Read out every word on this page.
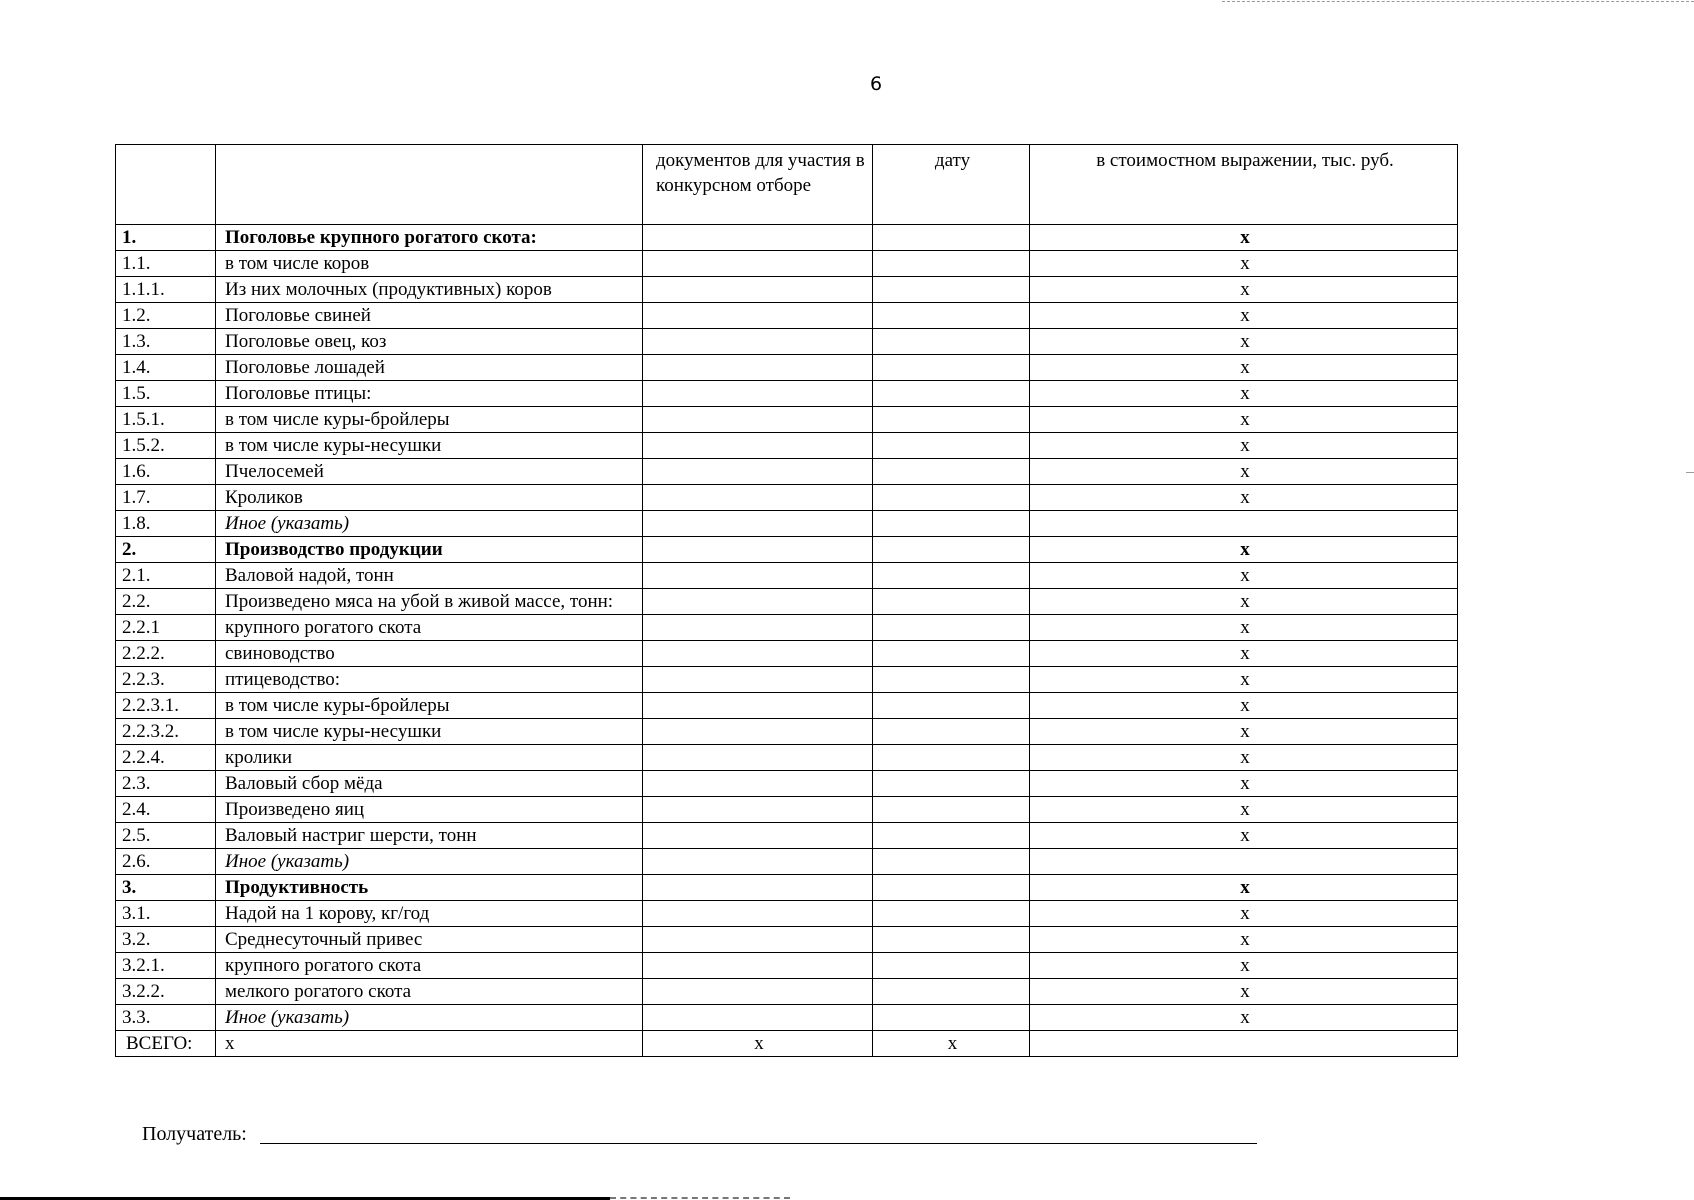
6
		документов для участия в конкурсном отборе	дату	в стоимостном выражении, тыс. руб.
1.	Поголовье крупного рогатого скота:			x
1.1.	в том числе коров			x
1.1.1.	Из них молочных (продуктивных) коров			x
1.2.	Поголовье свиней			x
1.3.	Поголовье овец, коз			x
1.4.	Поголовье лошадей			x
1.5.	Поголовье птицы:			x
1.5.1.	в том числе куры-бройлеры			x
1.5.2.	в том числе куры-несушки			x
1.6.	Пчелосемей			x
1.7.	Кроликов			x
1.8.	Иное (указать)			
2.	Производство продукции			x
2.1.	Валовой надой, тонн			x
2.2.	Произведено мяса на убой в живой массе, тонн:			x
2.2.1	крупного рогатого скота			x
2.2.2.	свиноводство			x
2.2.3.	птицеводство:			x
2.2.3.1.	в том числе куры-бройлеры			x
2.2.3.2.	в том числе куры-несушки			x
2.2.4.	кролики			x
2.3.	Валовый сбор мёда			x
2.4.	Произведено яиц			x
2.5.	Валовый настриг шерсти, тонн			x
2.6.	Иное (указать)			
3.	Продуктивность			x
3.1.	Надой на 1 корову, кг/год			x
3.2.	Среднесуточный привес			x
3.2.1.	крупного рогатого скота			x
3.2.2.	мелкого рогатого скота			x
3.3.	Иное (указать)			x
ВСЕГО:	x	x	x	
Получатель:
